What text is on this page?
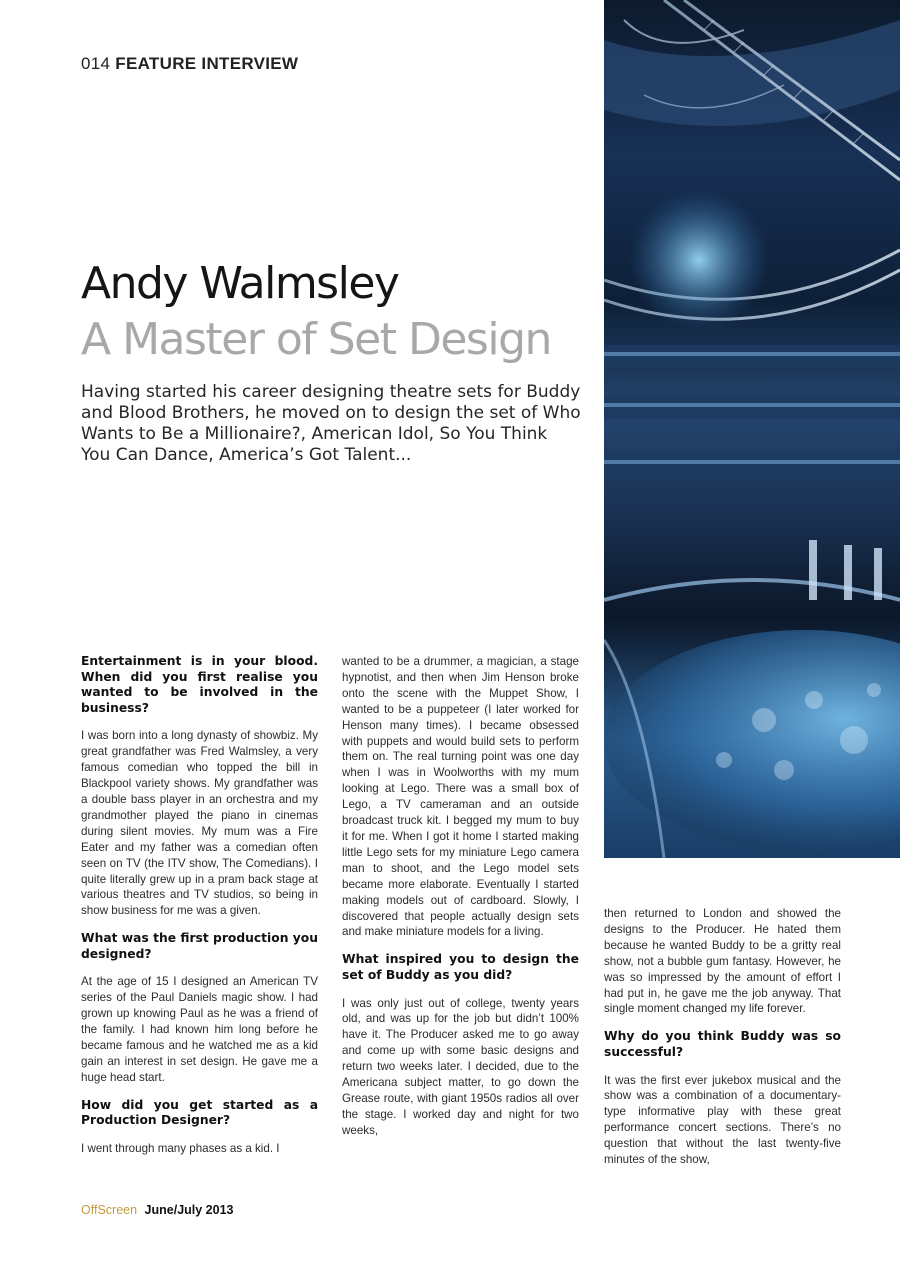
014 FEATURE INTERVIEW
Andy Walmsley
A Master of Set Design
Having started his career designing theatre sets for Buddy and Blood Brothers, he moved on to design the set of Who Wants to Be a Millionaire?, American Idol, So You Think You Can Dance, America’s Got Talent...

Entertainment is in your blood. When did you first realise you wanted to be involved in the business?

I was born into a long dynasty of showbiz. My great grandfather was Fred Walmsley, a very famous comedian who topped the bill in Blackpool variety shows. My grandfather was a double bass player in an orchestra and my grandmother played the piano in cinemas during silent movies. My mum was a Fire Eater and my father was a comedian often seen on TV (the ITV show, The Comedians). I quite literally grew up in a pram back stage at various theatres and TV studios, so being in show business for me was a given.

What was the first production you designed?

At the age of 15 I designed an American TV series of the Paul Daniels magic show. I had grown up knowing Paul as he was a friend of the family. I had known him long before he became famous and he watched me as a kid gain an interest in set design. He gave me a huge head start.

How did you get started as a Production Designer?

I went through many phases as a kid. I

wanted to be a drummer, a magician, a stage hypnotist, and then when Jim Henson broke onto the scene with the Muppet Show, I wanted to be a puppeteer (I later worked for Henson many times). I became obsessed with puppets and would build sets to perform them on. The real turning point was one day when I was in Woolworths with my mum looking at Lego. There was a small box of Lego, a TV cameraman and an outside broadcast truck kit. I begged my mum to buy it for me. When I got it home I started making little Lego sets for my miniature Lego camera man to shoot, and the Lego model sets became more elaborate. Eventually I started making models out of cardboard. Slowly, I discovered that people actually design sets and make miniature models for a living.

What inspired you to design the set of Buddy as you did?

I was only just out of college, twenty years old, and was up for the job but didn’t 100% have it. The Producer asked me to go away and come up with some basic designs and return two weeks later. I decided, due to the Americana subject matter, to go down the Grease route, with giant 1950s radios all over the stage. I worked day and night for two weeks,

then returned to London and showed the designs to the Producer. He hated them because he wanted Buddy to be a gritty real show, not a bubble gum fantasy. However, he was so impressed by the amount of effort I had put in, he gave me the job anyway. That single moment changed my life forever.

Why do you think Buddy was so successful?

It was the first ever jukebox musical and the show was a combination of a documentary-type informative play with these great performance concert sections. There’s no question that without the last twenty-five minutes of the show,

OffScreen June/July 2013
